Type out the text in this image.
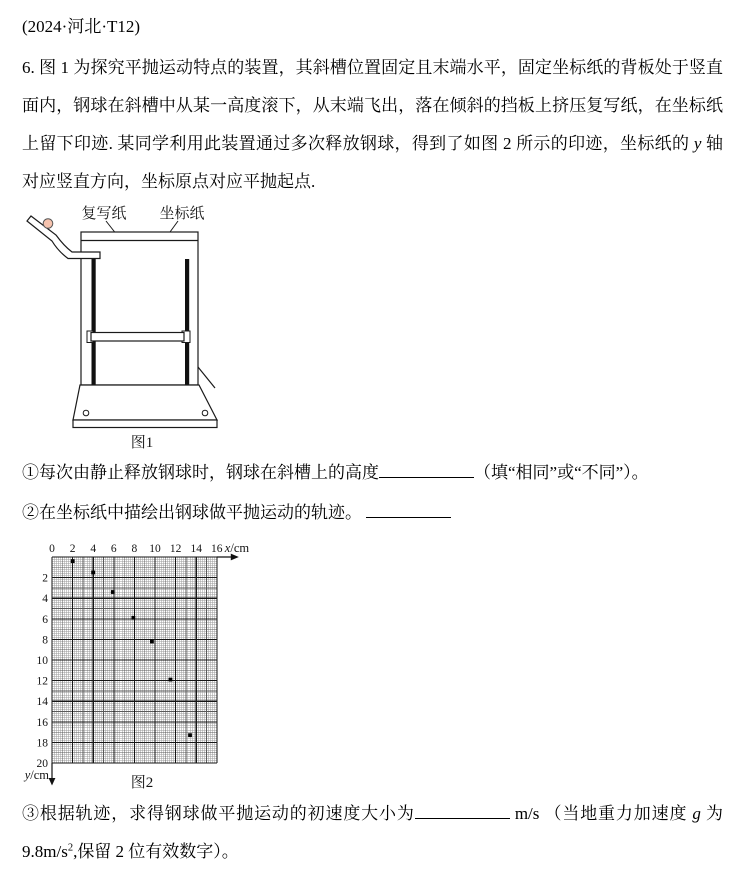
(2024·河北·T12)

6. 图 1 为探究平抛运动特点的装置，其斜槽位置固定且末端水平，固定坐标纸的背板处于竖直面内，钢球在斜槽中从某一高度滚下，从末端飞出，落在倾斜的挡板上挤压复写纸，在坐标纸上留下印迹. 某同学利用此装置通过多次释放钢球，得到了如图 2 所示的印迹，坐标纸的 y 轴对应竖直方向，坐标原点对应平抛起点.

复写纸 坐标纸
图1

①每次由静止释放钢球时，钢球在斜槽上的高度	（填“相同”或“不同”）。

②在坐标纸中描绘出钢球做平抛运动的轨迹。

x/cm
y/cm
0 2 4 6 8 10 12 14 16
2
4
6
8
10
12
14
16
18
20
图2

③根据轨迹，求得钢球做平抛运动的初速度大小为	m/s （当地重力加速度 g 为 $9.8m/s^2$,保留 2 位有效数字）。
